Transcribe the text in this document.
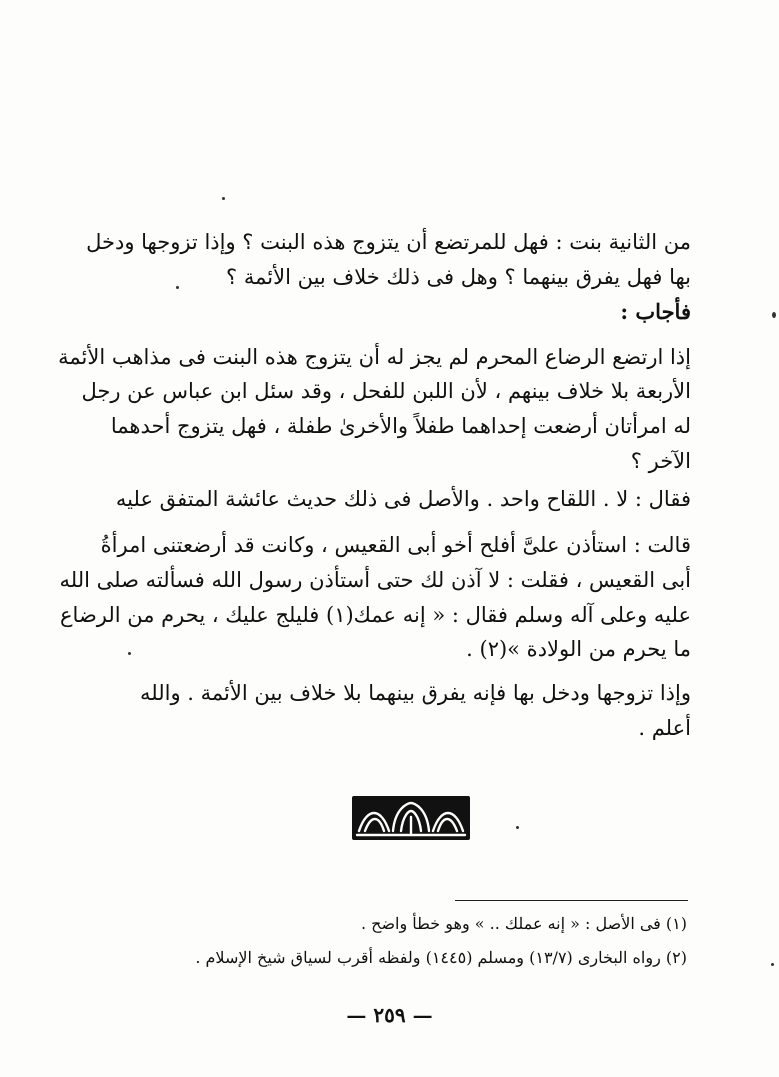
من الثانية بنت : فهل للمرتضع أن يتزوج هذه البنت ؟ وإذا تزوجها ودخل
بها فهل يفرق بينهما ؟ وهل فى ذلك خلاف بين الأئمة ؟
فأجاب :
إذا ارتضع الرضاع المحرم لم يجز له أن يتزوج هذه البنت فى مذاهب الأئمة
الأربعة بلا خلاف بينهم ، لأن اللبن للفحل ، وقد سئل ابن عباس عن رجل
له امرأتان أرضعت إحداهما طفلاً والأخرىٰ طفلة ، فهل يتزوج أحدهما
الآخر ؟
فقال : لا . اللقاح واحد . والأصل فى ذلك حديث عائشة المتفق عليه
قالت : استأذن علىَّ أفلح أخو أبى القعيس ، وكانت قد أرضعتنى امرأةُ
أبى القعيس ، فقلت : لا آذن لك حتى أستأذن رسول الله فسألته صلى الله
عليه وعلى آله وسلم فقال : « إنه عمك(١) فليلج عليك ، يحرم من الرضاع
ما يحرم من الولادة »(٢) .
وإذا تزوجها ودخل بها فإنه يفرق بينهما بلا خلاف بين الأئمة . والله
أعلم .
(١) فى الأصل : « إنه عملك .. » وهو خطأ واضح .
(٢) رواه البخارى (١٣/٧) ومسلم (١٤٤٥) ولفظه أقرب لسياق شيخ الإسلام .
— ٢٥٩ —
